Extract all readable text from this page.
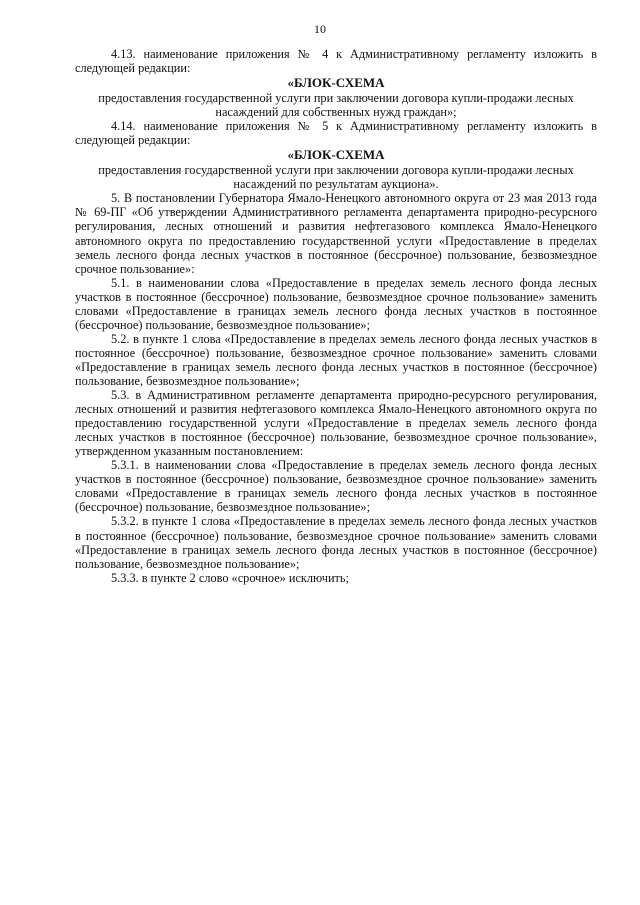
10

4.13. наименование приложения № 4 к Административному регламенту изложить в следующей редакции:

«БЛОК-СХЕМА

предоставления государственной услуги при заключении договора купли-продажи лесных насаждений для собственных нужд граждан»;

4.14. наименование приложения № 5 к Административному регламенту изложить в следующей редакции:

«БЛОК-СХЕМА

предоставления государственной услуги при заключении договора купли-продажи лесных насаждений по результатам аукциона».

5. В постановлении Губернатора Ямало-Ненецкого автономного округа от 23 мая 2013 года № 69-ПГ «Об утверждении Административного регламента департамента природно-ресурсного регулирования, лесных отношений и развития нефтегазового комплекса Ямало-Ненецкого автономного округа по предоставлению государственной услуги «Предоставление в пределах земель лесного фонда лесных участков в постоянное (бессрочное) пользование, безвозмездное срочное пользование»:

5.1. в наименовании слова «Предоставление в пределах земель лесного фонда лесных участков в постоянное (бессрочное) пользование, безвозмездное срочное пользование» заменить словами «Предоставление в границах земель лесного фонда лесных участков в постоянное (бессрочное) пользование, безвозмездное пользование»;

5.2. в пункте 1 слова «Предоставление в пределах земель лесного фонда лесных участков в постоянное (бессрочное) пользование, безвозмездное срочное пользование» заменить словами «Предоставление в границах земель лесного фонда лесных участков в постоянное (бессрочное) пользование, безвозмездное пользование»;

5.3. в Административном регламенте департамента природно-ресурсного регулирования, лесных отношений и развития нефтегазового комплекса Ямало-Ненецкого автономного округа по предоставлению государственной услуги «Предоставление в пределах земель лесного фонда лесных участков в постоянное (бессрочное) пользование, безвозмездное срочное пользование», утвержденном указанным постановлением:

5.3.1. в наименовании слова «Предоставление в пределах земель лесного фонда лесных участков в постоянное (бессрочное) пользование, безвозмездное срочное пользование» заменить словами «Предоставление в границах земель лесного фонда лесных участков в постоянное (бессрочное) пользование, безвозмездное пользование»;

5.3.2. в пункте 1 слова «Предоставление в пределах земель лесного фонда лесных участков в постоянное (бессрочное) пользование, безвозмездное срочное пользование» заменить словами «Предоставление в границах земель лесного фонда лесных участков в постоянное (бессрочное) пользование, безвозмездное пользование»;

5.3.3. в пункте 2 слово «срочное» исключить;
